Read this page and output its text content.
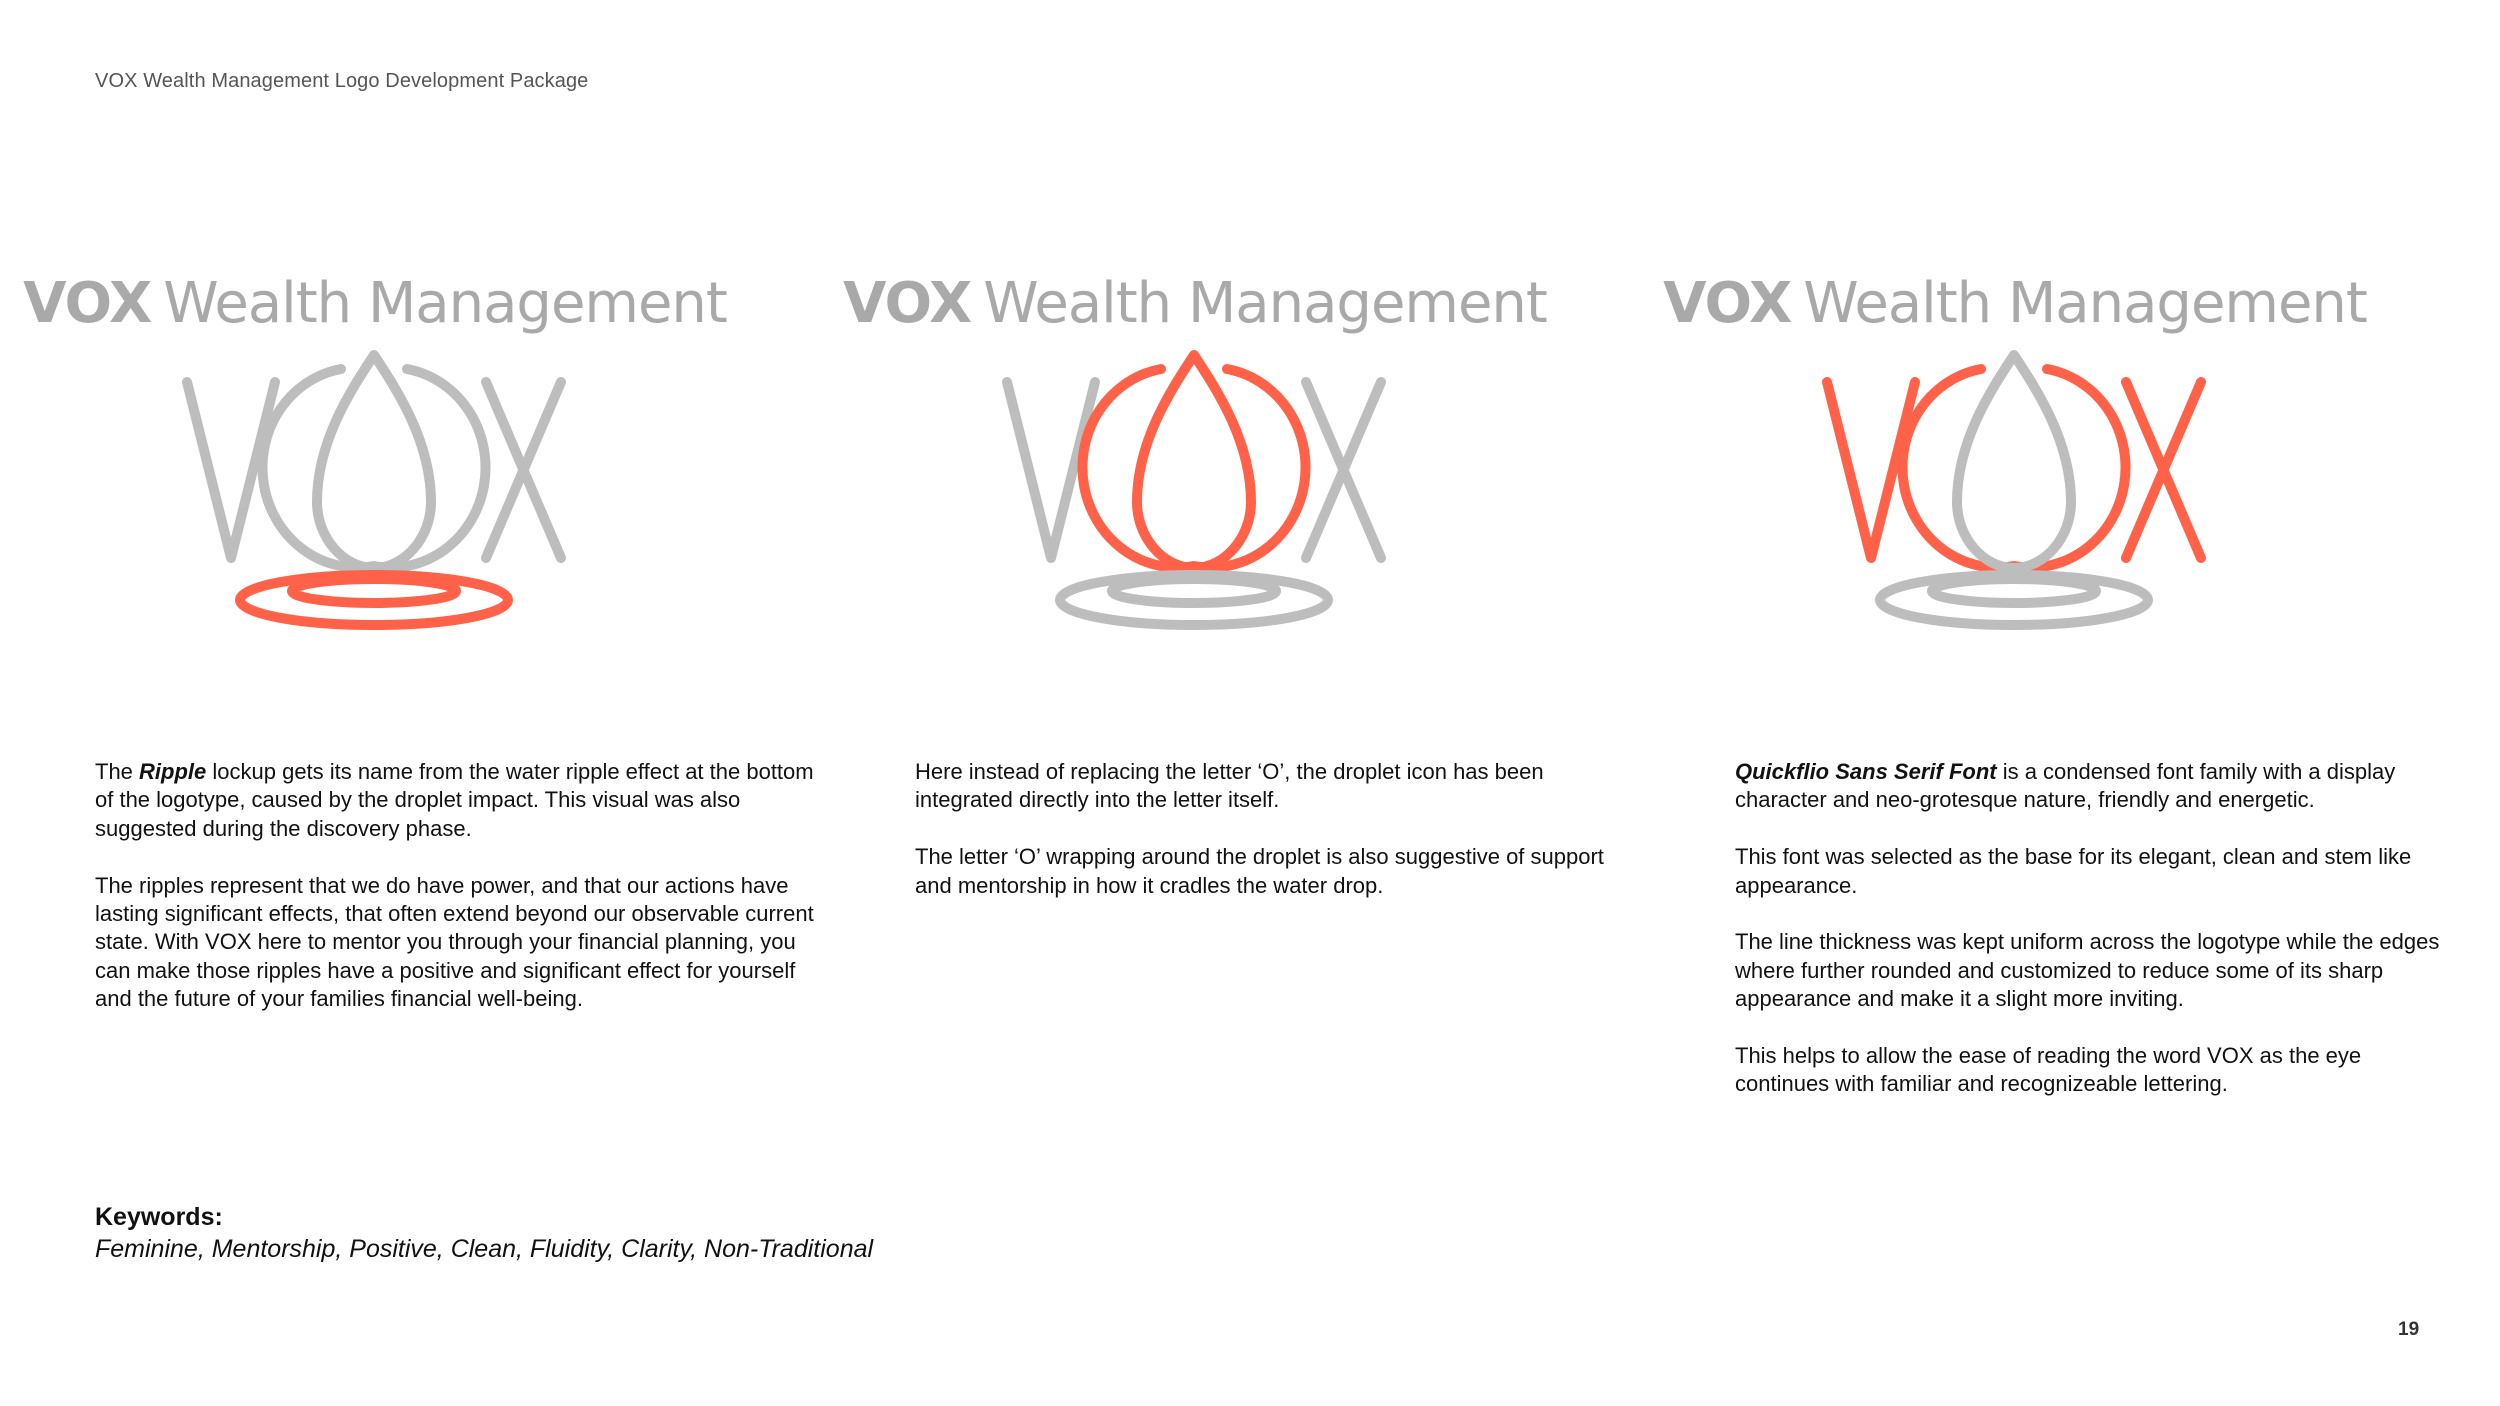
VOX Wealth Management Logo Development Package
VOX Wealth Management VOX Wealth Management VOX Wealth Management

The Ripple lockup gets its name from the water ripple effect at the bottom of the logotype, caused by the droplet impact. This visual was also suggested during the discovery phase.

The ripples represent that we do have power, and that our actions have lasting significant effects, that often extend beyond our observable current state. With VOX here to mentor you through your financial planning, you can make those ripples have a positive and significant effect for yourself and the future of your families financial well-being.

Here instead of replacing the letter ‘O’, the droplet icon has been integrated directly into the letter itself.

The letter ‘O’ wrapping around the droplet is also suggestive of support and mentorship in how it cradles the water drop.

Quickflio Sans Serif Font is a condensed font family with a display character and neo-grotesque nature, friendly and energetic.

This font was selected as the base for its elegant, clean and stem like appearance.

The line thickness was kept uniform across the logotype while the edges where further rounded and customized to reduce some of its sharp appearance and make it a slight more inviting.

This helps to allow the ease of reading the word VOX as the eye continues with familiar and recognizeable lettering.

Keywords:
Feminine, Mentorship, Positive, Clean, Fluidity, Clarity, Non-Traditional
19
